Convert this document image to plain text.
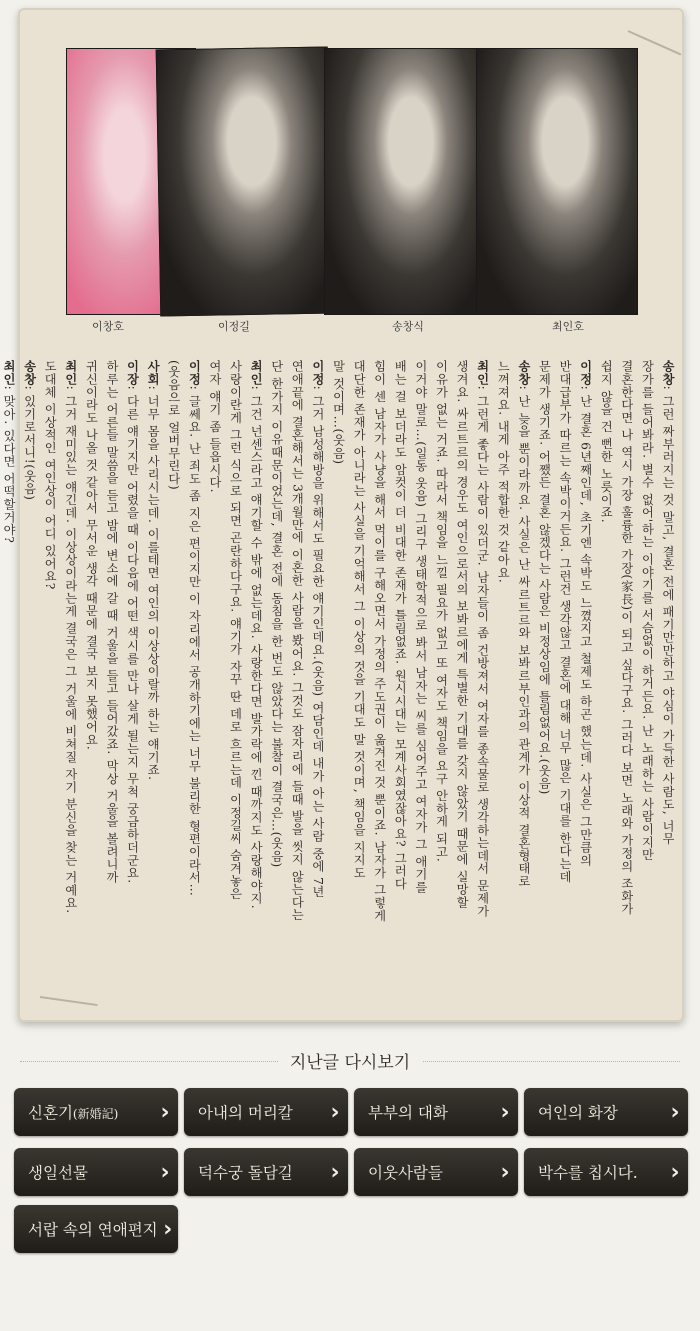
이창호	이정길	송창식	최인호

송창: 그런 짜부러지는 것 말고, 결혼 전에 패기만만하고 야심이 가득한 사람도, 너무

장가를 들어봐라. 별수 없어'하는 이야기를 서슴없이 하거든요. 난 노래하는 사람이지만

결혼한다면 나 역시 가장 훌륭한 가장(家長)이 되고 싶다구요. 그러다 보면 노래와 가정의 조화가

쉽지 않을 건 뻔한 노릇이죠.

이정: 난 결혼 6년째인데, 초기엔 속박도 느꼈지고 철제도 하곤 했는데. 사실은 그만큼의

반대급부가 따르는 속박이거든요. 그런건 생각않고 결혼에 대해 너무 많은 기대를 한다는데

문제가 생기죠. 어쨌든 결혼 않겠다는 사람은 비정상임에 틀림없어요.(웃음)

송창: 난 늦을 뿐이라까요. 사실은 난 싸르트르와 보봐르부인과의 관계가 이상적 결혼형태로

느껴져요. 내게 아주 적합한 것 같아요.

최인: 그런게 좋다는 사람이 있더군. 남자들이 좀 건방져서 여자를 종속물로 생각하는데서 문제가

생겨요. 싸르트르의 경우도 여인으로서의 보봐르에게 특별한 기대를 갖지 않았기 때문에 실망할

이유가 없는 거죠. 따라서 책임을 느낄 필요가 없고 또 여자도 책임을 요구 안하게 되고.

이거야 말로…(일동 웃음) 그리구 생태학적으로 봐서 남자는 씨를 심어주고 여자가 그 애기를

배는 걸 보더라도 암컷이 더 비대한 존재가 틀림없죠. 원시시대는 모계사회였잖아요? 그러다

힘이 센 남자가 사냥을 해서 먹이를 구해오면서 가정의 주도권이 옮겨진 것 뿐이죠. 남자가 그렇게

대단한 존재가 아니라는 사실을 기억해서 그 이상의 것을 기대도 말 것이며, 책임을 지지도

말 것이며…(웃음)

이정: 그거 남성해방을 위해서도 필요한 얘기인데요.(웃음) 여담인데 내가 아는 사람 중에 7년

연애끝에 결혼해서는 3개월만에 이혼한 사람을 봤어요. 그것도 잠자리에 들때 발을 씻지 않는다는

단 한가지 이유때문이었는데, 결혼 전에 동침을 한 번도 않았다는 불찰이 결국은…(웃음)

최인: 그건 넌센스라고 얘기할 수 밖에 없는데요. 사랑한다면 발가락에 낀 때까지도 사랑해야지.

사랑이란게 그런 식으로 되면 곤란하다구요. 얘기가 자꾸 딴 데로 흐르는데 이정길씨 숨겨놓은

여자 얘기 좀 들읍시다.

이정: 글쎄요. 난 죄도 좀 지은 편이지만 이 자리에서 공개하기에는 너무 불리한 형편이라서…

(웃음으로 얼버무린다)

사회: 너무 몸을 사리시는데. 이를테면 여인의 이상상이랄까 하는 얘기죠.

이장: 다른 얘기지만 어렸을 때 이다음에 어떤 색시를 만나 살게 될는지 무척 궁금하더군요.

하루는 어른들 말씀을 듣고 밤에 변소에 갈 때 거울을 들고 들어갔죠. 막상 거울을 볼려니까

귀신이라도 나올 것 같아서 무서운 생각 때문에 결국 보지 못했어요.

최인: 그거 재미있는 얘긴데. 이상상이라는게 결국은 그 거울에 비쳐질 자기 분신을 찾는 거예요.

도대체 이상적인 여인상이 어디 있어요?

송창: 있기로서니!(웃음)

최인: 맞아. 있다면 어떡할거야?

지난글 다시보기
신혼기(新婚記)	›	아내의 머리칼	›	부부의 대화	›	여인의 화장	›
생일선물	›	덕수궁 돌담길	›	이웃사람들	›	박수를 칩시다.	›
서랍 속의 연애편지 ›
